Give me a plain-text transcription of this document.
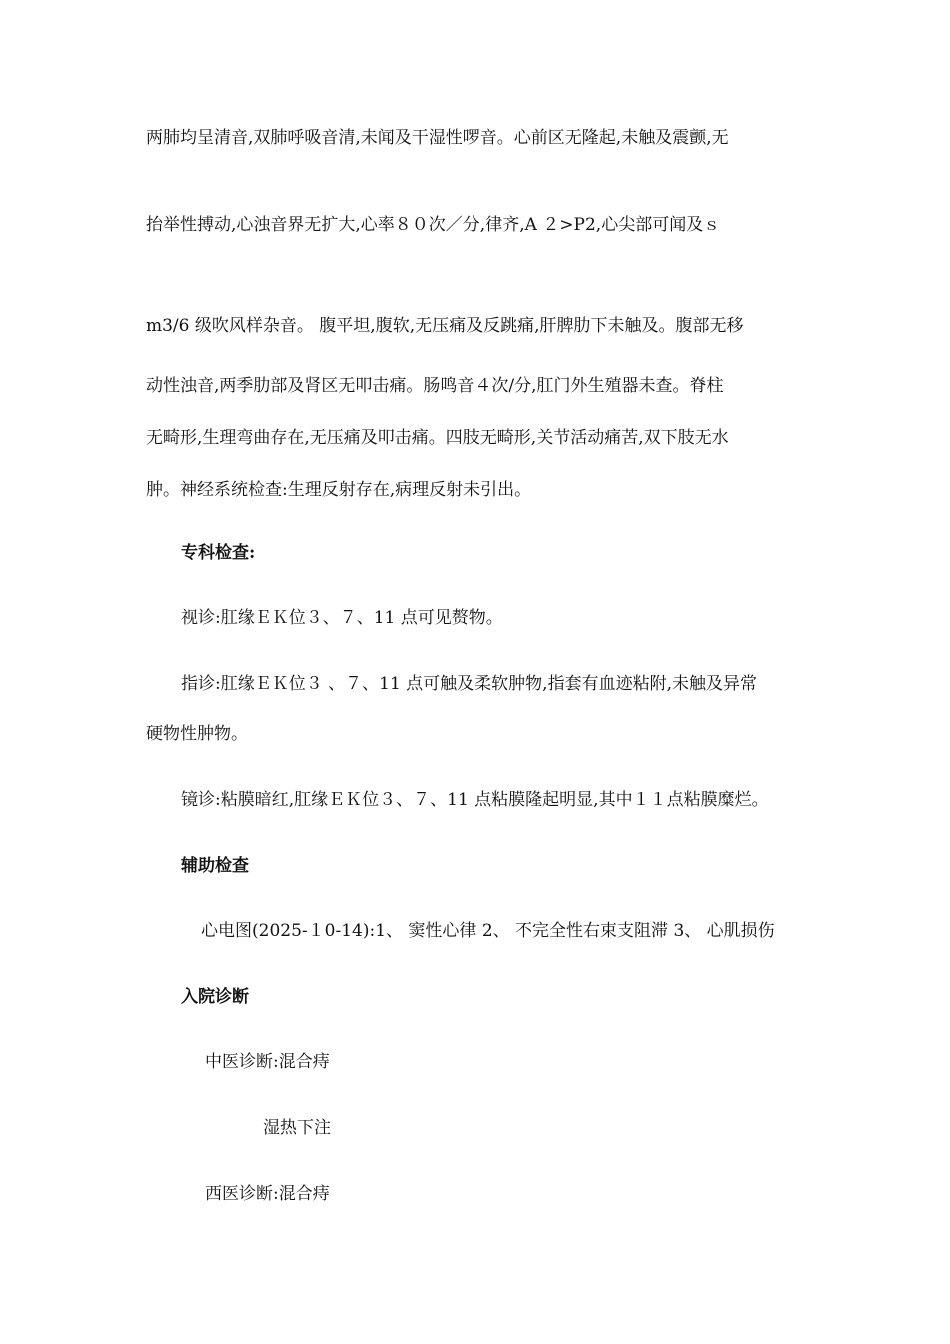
两肺均呈清音,双肺呼吸音清,未闻及干湿性啰音。心前区无隆起,未触及震颤,无

抬举性搏动,心浊音界无扩大,心率８０次／分,律齐,A ２>P2,心尖部可闻及ｓ

m3/6 级吹风样杂音。 腹平坦,腹软,无压痛及反跳痛,肝脾肋下未触及。腹部无移

动性浊音,两季肋部及肾区无叩击痛。肠鸣音４次/分,肛门外生殖器未查。脊柱

无畸形,生理弯曲存在,无压痛及叩击痛。四肢无畸形,关节活动痛苦,双下肢无水

肿。神经系统检查:生理反射存在,病理反射未引出。

专科检查:

视诊:肛缘ＥＫ位３、７、11 点可见赘物。

指诊:肛缘ＥＫ位３ 、７、11 点可触及柔软肿物,指套有血迹粘附,未触及异常

硬物性肿物。

镜诊:粘膜暗红,肛缘ＥＫ位３、７、11 点粘膜隆起明显,其中１１点粘膜糜烂。

辅助检查

心电图(2025-１0-14):1、 窦性心律 2、 不完全性右束支阻滞 3、 心肌损伤

入院诊断

中医诊断:混合痔

湿热下注

西医诊断:混合痔
